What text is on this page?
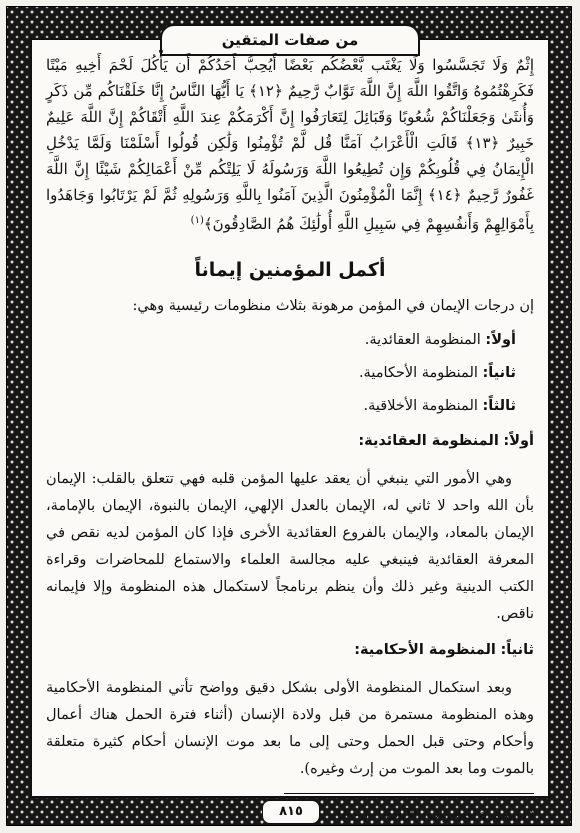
من صفات المتقين

إِثْمٌ وَلَا تَجَسَّسُوا وَلَا يَغْتَب بَّعْضُكُم بَعْضًا أَيُحِبُّ أَحَدُكُمْ أَن يَأْكُلَ لَحْمَ أَخِيهِ مَيْتًا فَكَرِهْتُمُوهُ وَاتَّقُوا اللَّهَ إِنَّ اللَّهَ تَوَّابٌ رَّحِيمٌ ﴿١٢﴾ يَا أَيُّهَا النَّاسُ إِنَّا خَلَقْنَاكُم مِّن ذَكَرٍ وَأُنثَىٰ وَجَعَلْنَاكُمْ شُعُوبًا وَقَبَائِلَ لِتَعَارَفُوا إِنَّ أَكْرَمَكُمْ عِندَ اللَّهِ أَتْقَاكُمْ إِنَّ اللَّهَ عَلِيمٌ خَبِيرٌ ﴿١٣﴾ قَالَتِ الْأَعْرَابُ آمَنَّا قُل لَّمْ تُؤْمِنُوا وَلَٰكِن قُولُوا أَسْلَمْنَا وَلَمَّا يَدْخُلِ الْإِيمَانُ فِي قُلُوبِكُمْ وَإِن تُطِيعُوا اللَّهَ وَرَسُولَهُ لَا يَلِتْكُم مِّنْ أَعْمَالِكُمْ شَيْئًا إِنَّ اللَّهَ غَفُورٌ رَّحِيمٌ ﴿١٤﴾ إِنَّمَا الْمُؤْمِنُونَ الَّذِينَ آمَنُوا بِاللَّهِ وَرَسُولِهِ ثُمَّ لَمْ يَرْتَابُوا وَجَاهَدُوا بِأَمْوَالِهِمْ وَأَنفُسِهِمْ فِي سَبِيلِ اللَّهِ أُولَٰئِكَ هُمُ الصَّادِقُونَ﴾$^{(١)}$

أكمل المؤمنين إيماناً

إن درجات الإيمان في المؤمن مرهونة بثلاث منظومات رئيسية وهي:

أولاً: المنظومة العقائدية.

ثانياً: المنظومة الأحكامية.

ثالثاً: المنظومة الأخلاقية.

أولاً: المنظومة العقائدية:

وهي الأمور التي ينبغي أن يعقد عليها المؤمن قلبه فهي تتعلق بالقلب: الإيمان بأن الله واحد لا ثاني له، الإيمان بالعدل الإلهي، الإيمان بالنبوة، الإيمان بالإمامة، الإيمان بالمعاد، والإيمان بالفروع العقائدية الأخرى فإذا كان المؤمن لديه نقص في المعرفة العقائدية فينبغي عليه مجالسة العلماء والاستماع للمحاضرات وقراءة الكتب الدينية وغير ذلك وأن ينظم برنامجاً لاستكمال هذه المنظومة وإلا فإيمانه ناقص.

ثانياً: المنظومة الأحكامية:

وبعد استكمال المنظومة الأولى بشكل دقيق وواضح تأتي المنظومة الأحكامية وهذه المنظومة مستمرة من قبل ولادة الإنسان (أثناء فترة الحمل هناك أعمال وأحكام وحتى قبل الحمل وحتى إلى ما بعد موت الإنسان أحكام كثيرة متعلقة بالموت وما بعد الموت من إرث وغيره).

(١) سورة الحجرات: الآيات، ١٠ - ١٥.

٨١٥
